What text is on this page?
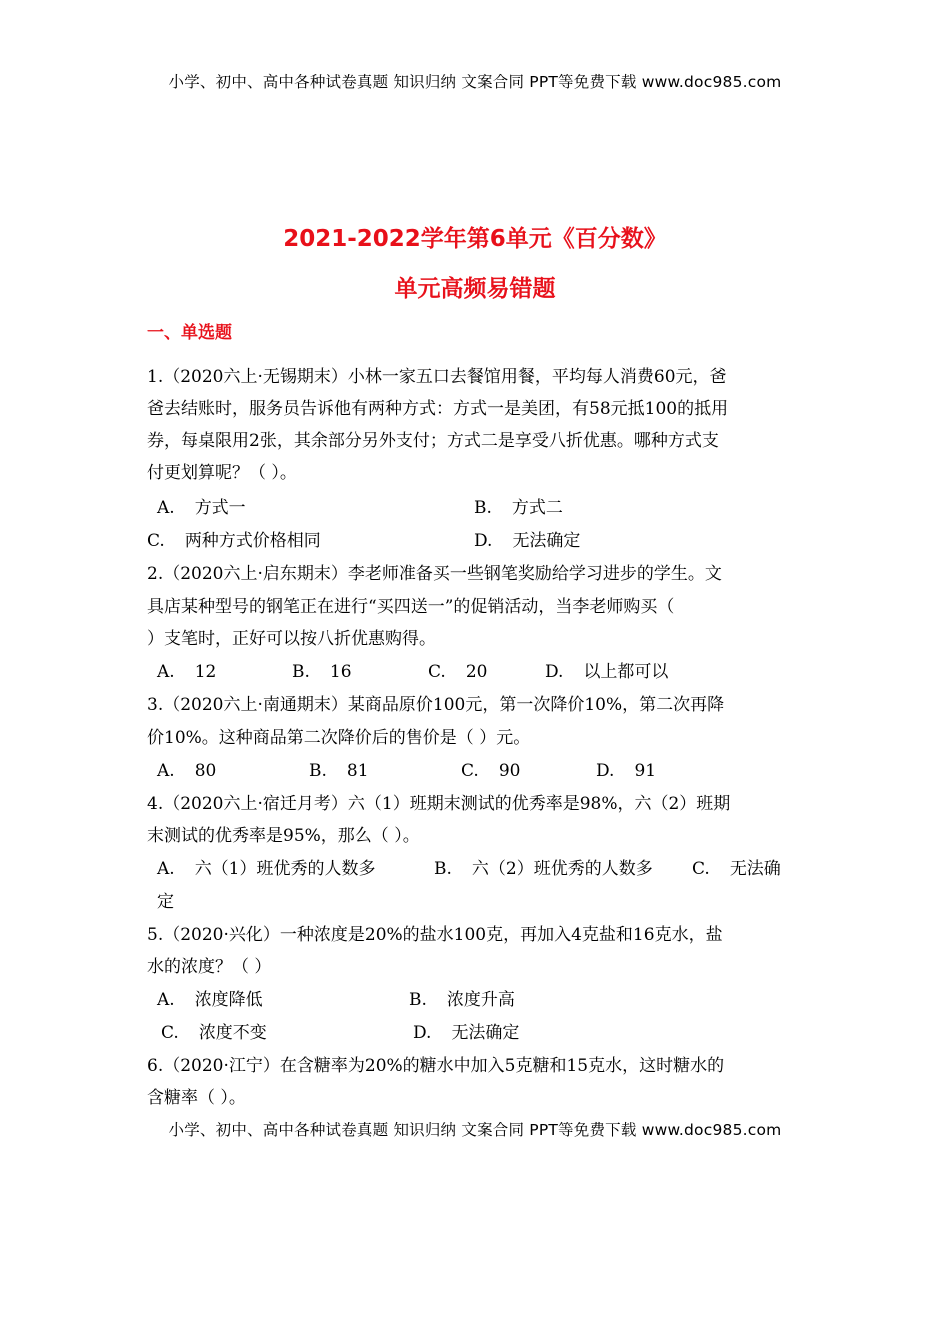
小学、初中、高中各种试卷真题 知识归纳 文案合同 PPT等免费下载 www.doc985.com
2021-2022学年第6单元《百分数》
单元高频易错题
一、单选题
1.（2020六上·无锡期末）小林一家五口去餐馆用餐，平均每人消费60元，爸
爸去结账时，服务员告诉他有两种方式：方式一是美团，有58元抵100的抵用
券，每桌限用2张，其余部分另外支付；方式二是享受八折优惠。哪种方式支
付更划算呢？（ ）。
A. 方式一	B. 方式二
C. 两种方式价格相同	D. 无法确定
2.（2020六上·启东期末）李老师准备买一些钢笔奖励给学习进步的学生。文
具店某种型号的钢笔正在进行“买四送一”的促销活动，当李老师购买（
）支笔时，正好可以按八折优惠购得。
A. 12	B. 16	C. 20	D. 以上都可以
3.（2020六上·南通期末）某商品原价100元，第一次降价10%，第二次再降
价10%。这种商品第二次降价后的售价是（ ）元。
A. 80	B. 81	C. 90	D. 91
4.（2020六上·宿迁月考）六（1）班期末测试的优秀率是98%，六（2）班期
末测试的优秀率是95%，那么（ ）。
A. 六（1）班优秀的人数多	B. 六（2）班优秀的人数多 C. 无法确
定
5.（2020·兴化）一种浓度是20%的盐水100克，再加入4克盐和16克水，盐
水的浓度？（ ）
A. 浓度降低	B. 浓度升高
C. 浓度不变	D. 无法确定
6.（2020·江宁）在含糖率为20%的糖水中加入5克糖和15克水，这时糖水的
含糖率（ ）。
小学、初中、高中各种试卷真题 知识归纳 文案合同 PPT等免费下载 www.doc985.com
